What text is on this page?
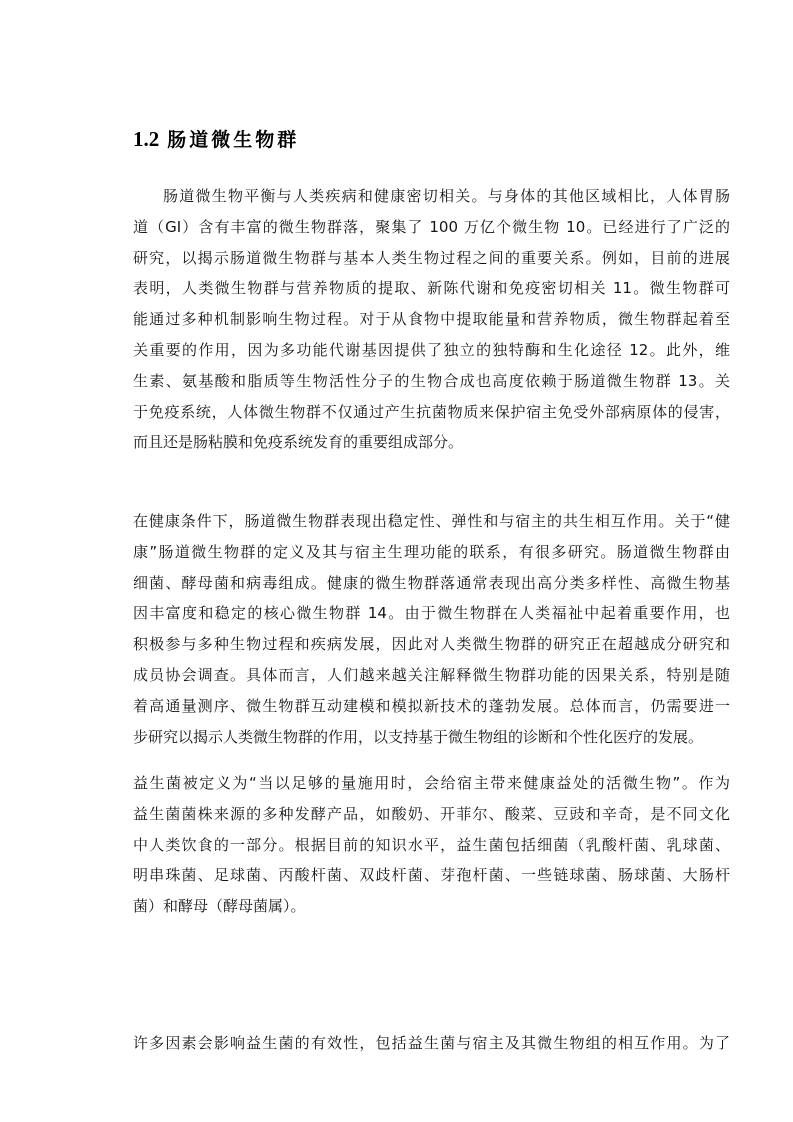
1.2 肠道微生物群
肠道微生物平衡与人类疾病和健康密切相关。与身体的其他区域相比，人体胃肠
道（GI）含有丰富的微生物群落，聚集了 100 万亿个微生物 10。已经进行了广泛的
研究，以揭示肠道微生物群与基本人类生物过程之间的重要关系。例如，目前的进展
表明，人类微生物群与营养物质的提取、新陈代谢和免疫密切相关 11。微生物群可
能通过多种机制影响生物过程。对于从食物中提取能量和营养物质，微生物群起着至
关重要的作用，因为多功能代谢基因提供了独立的独特酶和生化途径 12。此外，维
生素、氨基酸和脂质等生物活性分子的生物合成也高度依赖于肠道微生物群 13。关
于免疫系统，人体微生物群不仅通过产生抗菌物质来保护宿主免受外部病原体的侵害，
而且还是肠粘膜和免疫系统发育的重要组成部分。
在健康条件下，肠道微生物群表现出稳定性、弹性和与宿主的共生相互作用。关于“健
康”肠道微生物群的定义及其与宿主生理功能的联系，有很多研究。肠道微生物群由
细菌、酵母菌和病毒组成。健康的微生物群落通常表现出高分类多样性、高微生物基
因丰富度和稳定的核心微生物群 14。由于微生物群在人类福祉中起着重要作用，也
积极参与多种生物过程和疾病发展，因此对人类微生物群的研究正在超越成分研究和
成员协会调查。具体而言，人们越来越关注解释微生物群功能的因果关系，特别是随
着高通量测序、微生物群互动建模和模拟新技术的蓬勃发展。总体而言，仍需要进一
步研究以揭示人类微生物群的作用，以支持基于微生物组的诊断和个性化医疗的发展。
益生菌被定义为“当以足够的量施用时，会给宿主带来健康益处的活微生物”。作为
益生菌菌株来源的多种发酵产品，如酸奶、开菲尔、酸菜、豆豉和辛奇，是不同文化
中人类饮食的一部分。根据目前的知识水平，益生菌包括细菌（乳酸杆菌、乳球菌、
明串珠菌、足球菌、丙酸杆菌、双歧杆菌、芽孢杆菌、一些链球菌、肠球菌、大肠杆
菌）和酵母（酵母菌属）。
许多因素会影响益生菌的有效性，包括益生菌与宿主及其微生物组的相互作用。为了
